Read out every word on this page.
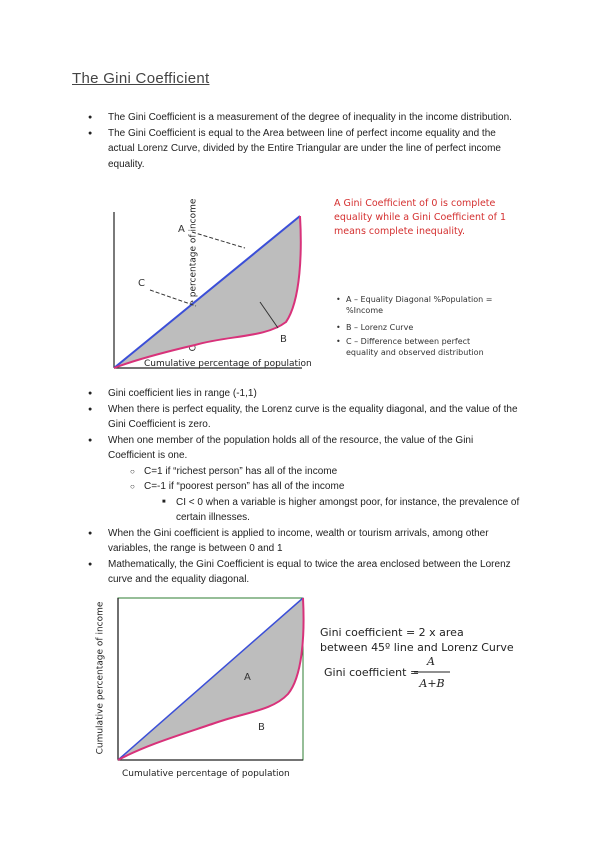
The Gini Coefficient
● The Gini Coefficient is a measurement of the degree of inequality in the income distribution.
● The Gini Coefficient is equal to the Area between line of perfect income equality and the actual Lorenz Curve, divided by the Entire Triangular are under the line of perfect income equality.
Cumulative percentage of income
A
C
B
Cumulative percentage of population
A Gini Coefficient of 0 is complete
equality while a Gini Coefficient of 1
means complete inequality.
• A – Equality Diagonal %Population =
%Income
• B – Lorenz Curve
• C – Difference between perfect
equality and observed distribution
● Gini coefficient lies in range (-1,1)
● When there is perfect equality, the Lorenz curve is the equality diagonal, and the value of the Gini Coefficient is zero.
● When one member of the population holds all of the resource, the value of the Gini Coefficient is one.
○ C=1 if “richest person” has all of the income
○ C=-1 if “poorest person” has all of the income
■ CI < 0 when a variable is higher amongst poor, for instance, the prevalence of certain illnesses.
● When the Gini coefficient is applied to income, wealth or tourism arrivals, among other variables, the range is between 0 and 1
● Mathematically, the Gini Coefficient is equal to twice the area enclosed between the Lorenz curve and the equality diagonal.
Cumulative percentage of income	A
B
Cumulative percentage of population
Gini coefficient = 2 x area
between 45º line and Lorenz Curve
Gini coefficient =
A
A+B
